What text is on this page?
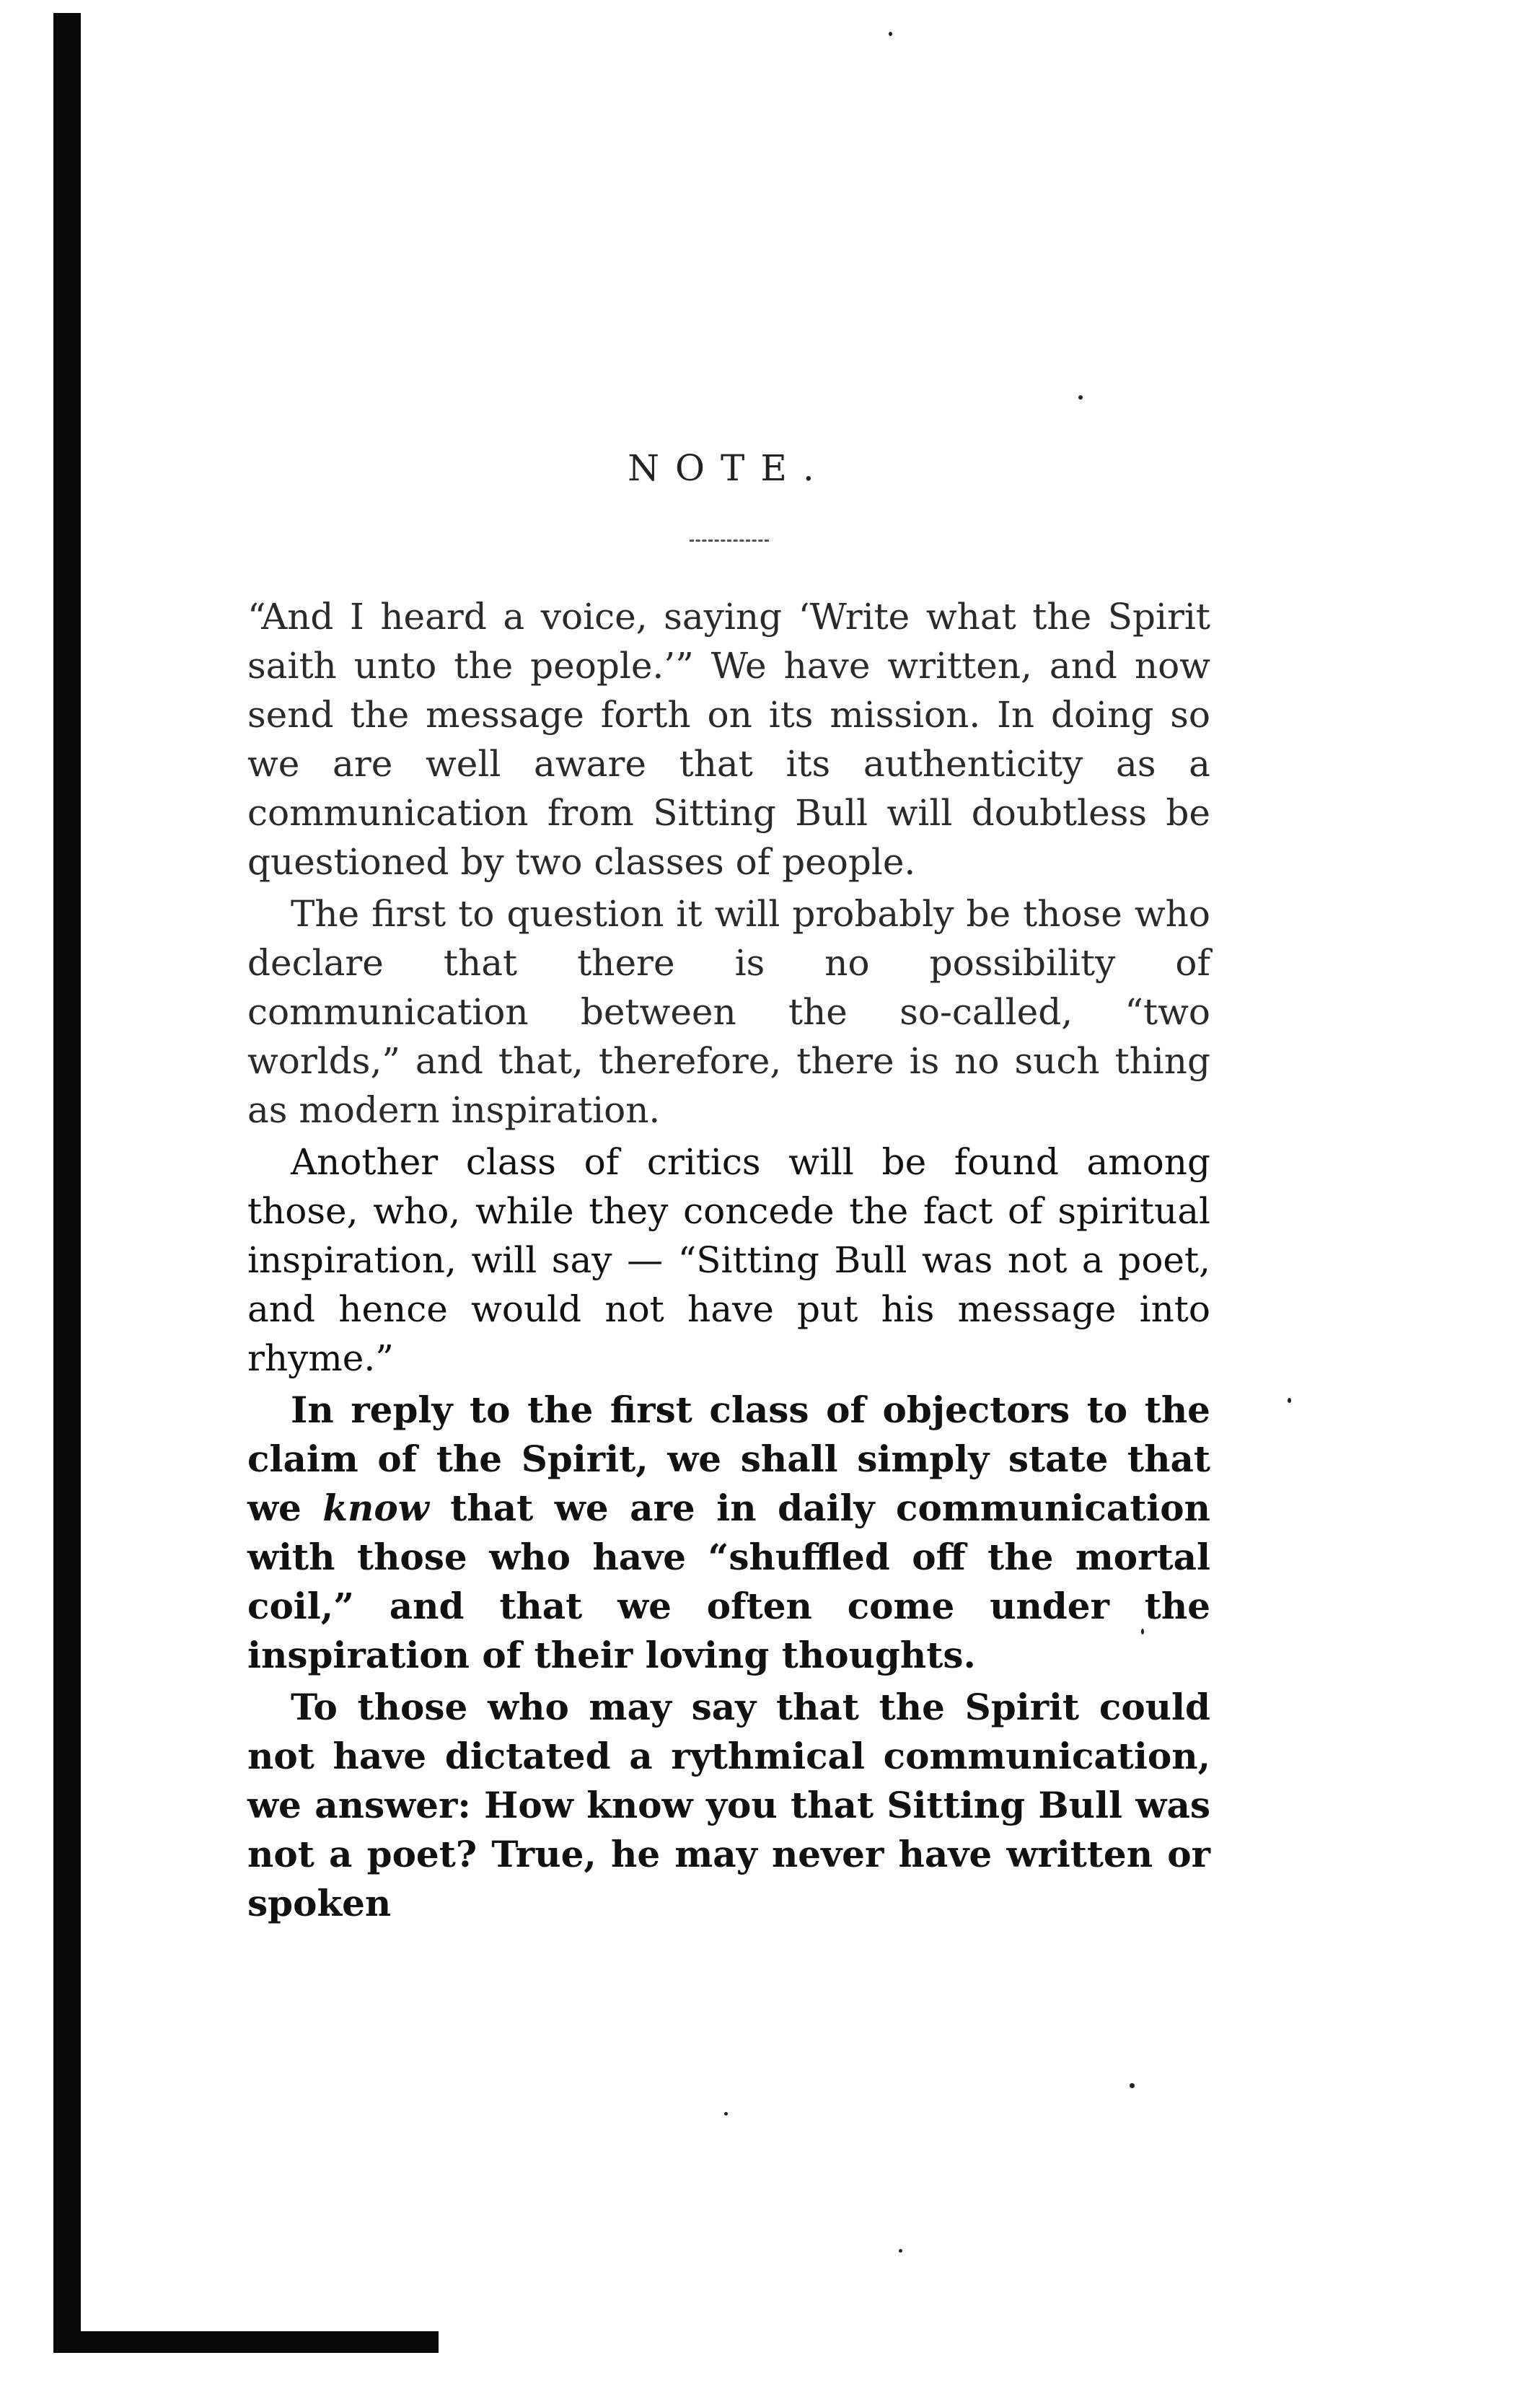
NOTE.

“And I heard a voice, saying ‘Write what the Spirit saith unto the people.’” We have written, and now send the message forth on its mission. In doing so we are well aware that its authenticity as a communication from Sitting Bull will doubtless be questioned by two classes of people.

The first to question it will probably be those who declare that there is no possibility of communication between the so-called, “two worlds,” and that, therefore, there is no such thing as modern inspiration.

Another class of critics will be found among those, who, while they concede the fact of spiritual inspiration, will say — “Sitting Bull was not a poet, and hence would not have put his message into rhyme.”

In reply to the first class of objectors to the claim of the Spirit, we shall simply state that we know that we are in daily communication with those who have “shuffled off the mortal coil,” and that we often come under the inspiration of their loving thoughts.

To those who may say that the Spirit could not have dictated a rythmical communication, we answer: How know you that Sitting Bull was not a poet? True, he may never have written or spoken
